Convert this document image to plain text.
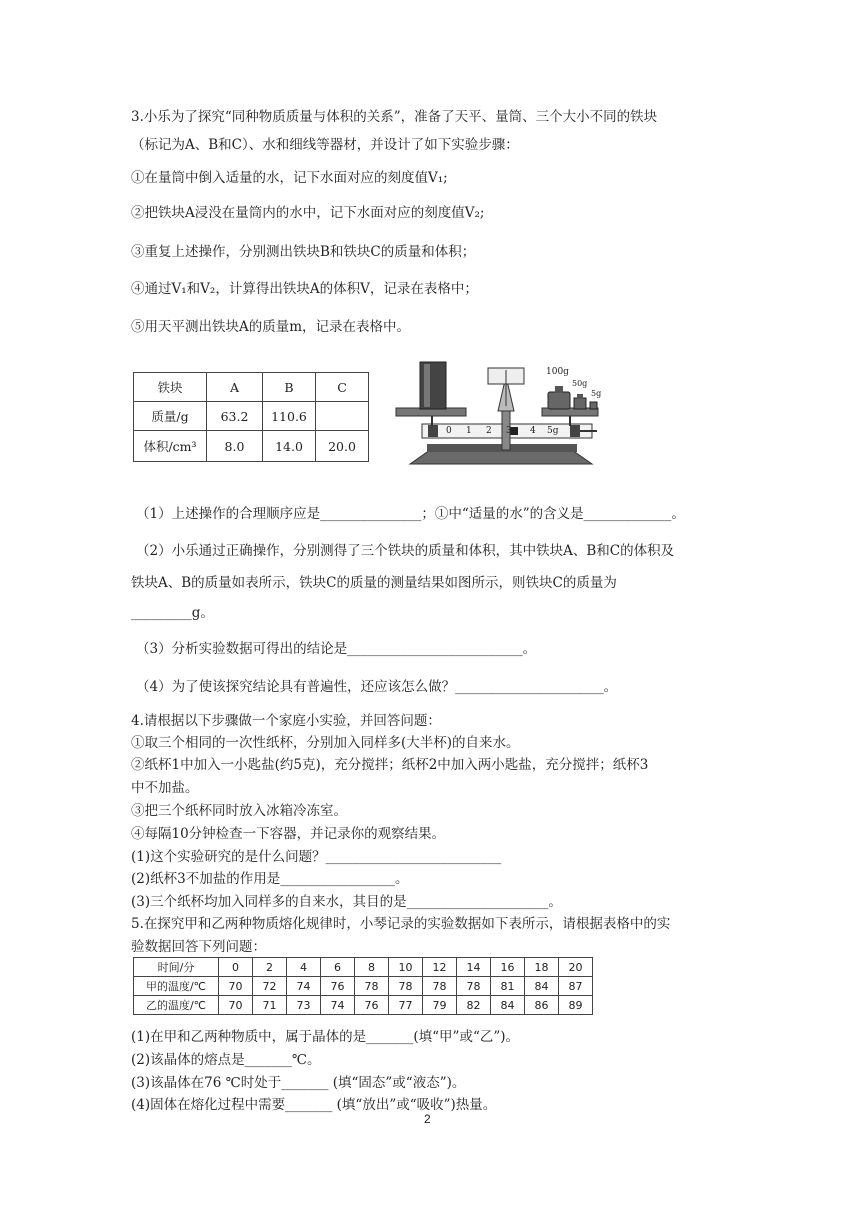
3.小乐为了探究“同种物质质量与体积的关系”，准备了天平、量筒、三个大小不同的铁块
（标记为A、B和C）、水和细线等器材，并设计了如下实验步骤：
①在量筒中倒入适量的水，记下水面对应的刻度值V₁;
②把铁块A浸没在量筒内的水中，记下水面对应的刻度值V₂;
③重复上述操作，分别测出铁块B和铁块C的质量和体积；
④通过V₁和V₂，计算得出铁块A的体积V，记录在表格中；
⑤用天平测出铁块A的质量m，记录在表格中。
铁块	A	B	C
质量/g	63.2	110.6	
体积/cm³	8.0	14.0	20.0
100g
50g
5g
0 1 2 3 4 5g
（1）上述操作的合理顺序应是_______________；①中“适量的水”的含义是_____________。
（2）小乐通过正确操作，分别测得了三个铁块的质量和体积，其中铁块A、B和C的体积及
铁块A、B的质量如表所示，铁块C的质量的测量结果如图所示，则铁块C的质量为
_________g。
（3）分析实验数据可得出的结论是__________________________。
（4）为了使该探究结论具有普遍性，还应该怎么做？______________________。
4.请根据以下步骤做一个家庭小实验，并回答问题：
①取三个相同的一次性纸杯，分别加入同样多(大半杯)的自来水。
②纸杯1中加入一小匙盐(约5克)，充分搅拌；纸杯2中加入两小匙盐，充分搅拌；纸杯3
中不加盐。
③把三个纸杯同时放入冰箱冷冻室。
④每隔10分钟检查一下容器，并记录你的观察结果。
(1)这个实验研究的是什么问题？__________________________
(2)纸杯3不加盐的作用是_________________。
(3)三个纸杯均加入同样多的自来水，其目的是_____________________。
5.在探究甲和乙两种物质熔化规律时，小琴记录的实验数据如下表所示，请根据表格中的实
验数据回答下列问题：
时间/分	0	2	4	6	8	10	12	14	16	18	20
甲的温度/℃	70	72	74	76	78	78	78	78	81	84	87
乙的温度/℃	70	71	73	74	76	77	79	82	84	86	89
(1)在甲和乙两种物质中，属于晶体的是_______(填“甲”或“乙”)。
(2)该晶体的熔点是_______℃。
(3)该晶体在76 ℃时处于_______ (填“固态”或“液态”)。
(4)固体在熔化过程中需要_______ (填“放出”或“吸收”)热量。
2
